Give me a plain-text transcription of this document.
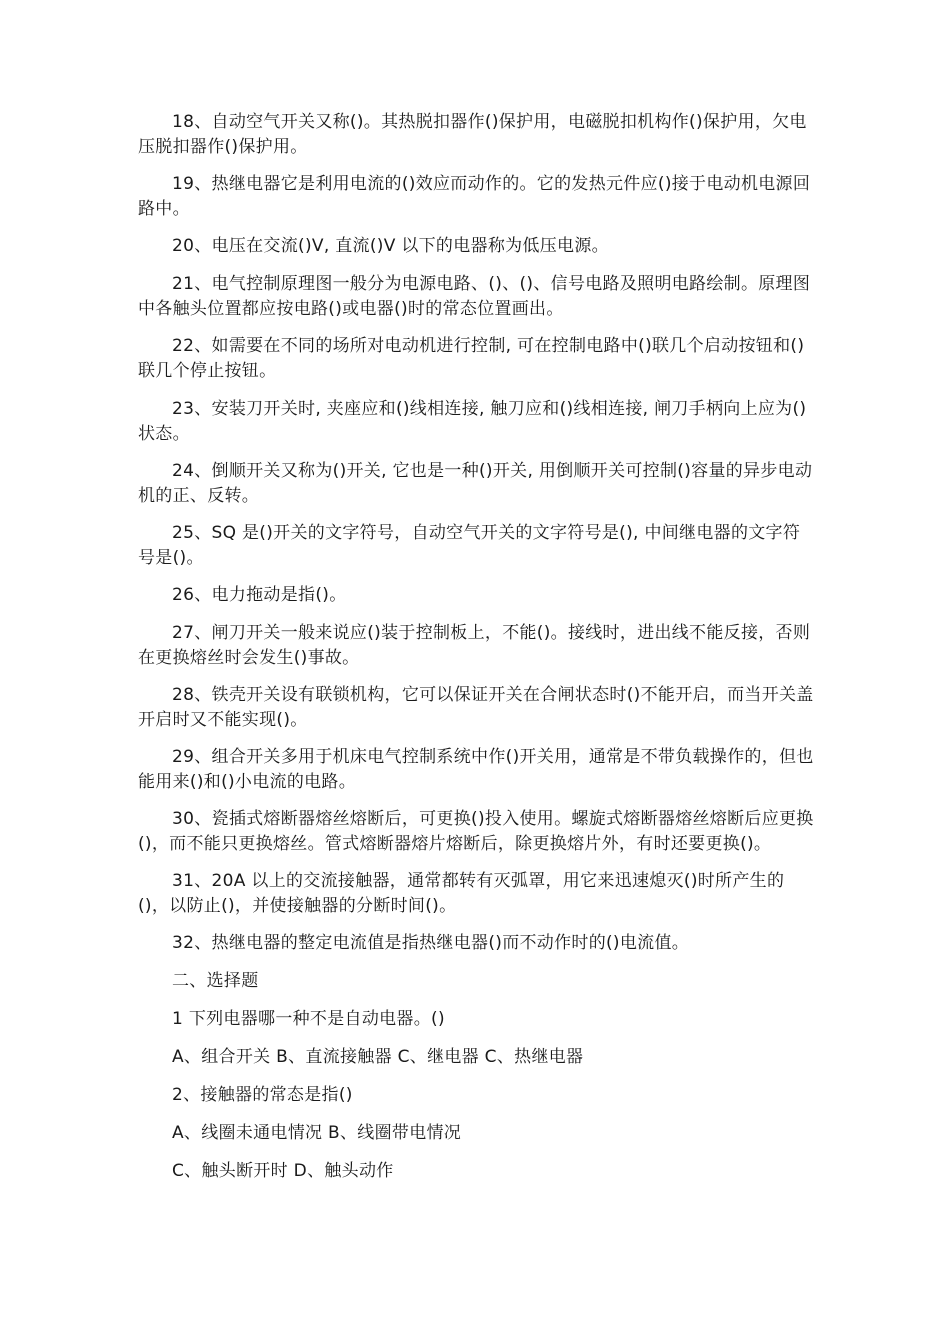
18、自动空气开关又称()。其热脱扣器作()保护用，电磁脱扣机构作()保护用，欠电压脱扣器作()保护用。

19、热继电器它是利用电流的()效应而动作的。它的发热元件应()接于电动机电源回路中。

20、电压在交流()V, 直流()V 以下的电器称为低压电源。

21、电气控制原理图一般分为电源电路、()、()、信号电路及照明电路绘制。原理图中各触头位置都应按电路()或电器()时的常态位置画出。

22、如需要在不同的场所对电动机进行控制, 可在控制电路中()联几个启动按钮和()联几个停止按钮。

23、安装刀开关时, 夹座应和()线相连接, 触刀应和()线相连接, 闸刀手柄向上应为()状态。

24、倒顺开关又称为()开关, 它也是一种()开关, 用倒顺开关可控制()容量的异步电动机的正、反转。

25、SQ 是()开关的文字符号，自动空气开关的文字符号是(), 中间继电器的文字符号是()。

26、电力拖动是指()。

27、闸刀开关一般来说应()装于控制板上，不能()。接线时，进出线不能反接，否则在更换熔丝时会发生()事故。

28、铁壳开关设有联锁机构，它可以保证开关在合闸状态时()不能开启，而当开关盖开启时又不能实现()。

29、组合开关多用于机床电气控制系统中作()开关用，通常是不带负载操作的，但也能用来()和()小电流的电路。

30、瓷插式熔断器熔丝熔断后，可更换()投入使用。螺旋式熔断器熔丝熔断后应更换()，而不能只更换熔丝。管式熔断器熔片熔断后，除更换熔片外，有时还要更换()。

31、20A 以上的交流接触器，通常都转有灭弧罩，用它来迅速熄灭()时所产生的()，以防止()，并使接触器的分断时间()。

32、热继电器的整定电流值是指热继电器()而不动作时的()电流值。

二、选择题

1 下列电器哪一种不是自动电器。()

A、组合开关 B、直流接触器 C、继电器 C、热继电器

2、接触器的常态是指()

A、线圈未通电情况 B、线圈带电情况

C、触头断开时 D、触头动作
